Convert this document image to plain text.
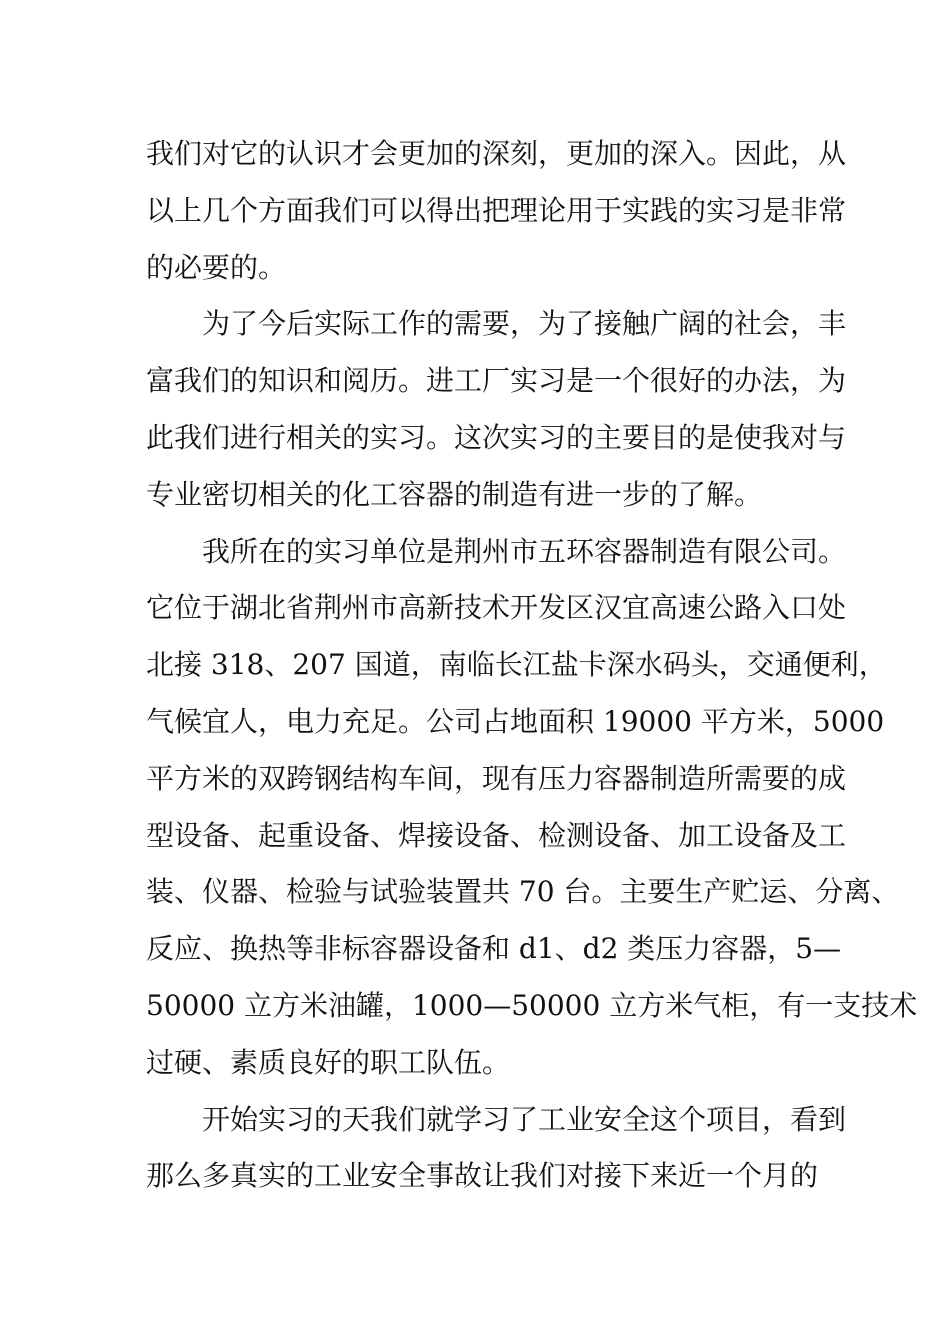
我们对它的认识才会更加的深刻，更加的深入。因此，从
以上几个方面我们可以得出把理论用于实践的实习是非常
的必要的。
为了今后实际工作的需要，为了接触广阔的社会，丰
富我们的知识和阅历。进工厂实习是一个很好的办法，为
此我们进行相关的实习。这次实习的主要目的是使我对与
专业密切相关的化工容器的制造有进一步的了解。
我所在的实习单位是荆州市五环容器制造有限公司。
它位于湖北省荆州市高新技术开发区汉宜高速公路入口处
北接 318、207 国道，南临长江盐卡深水码头，交通便利，
气候宜人，电力充足。公司占地面积 19000 平方米，5000
平方米的双跨钢结构车间，现有压力容器制造所需要的成
型设备、起重设备、焊接设备、检测设备、加工设备及工
装、仪器、检验与试验装置共 70 台。主要生产贮运、分离、
反应、换热等非标容器设备和 d1、d2 类压力容器，5—
50000 立方米油罐，1000—50000 立方米气柜，有一支技术
过硬、素质良好的职工队伍。
开始实习的天我们就学习了工业安全这个项目，看到
那么多真实的工业安全事故让我们对接下来近一个月的
